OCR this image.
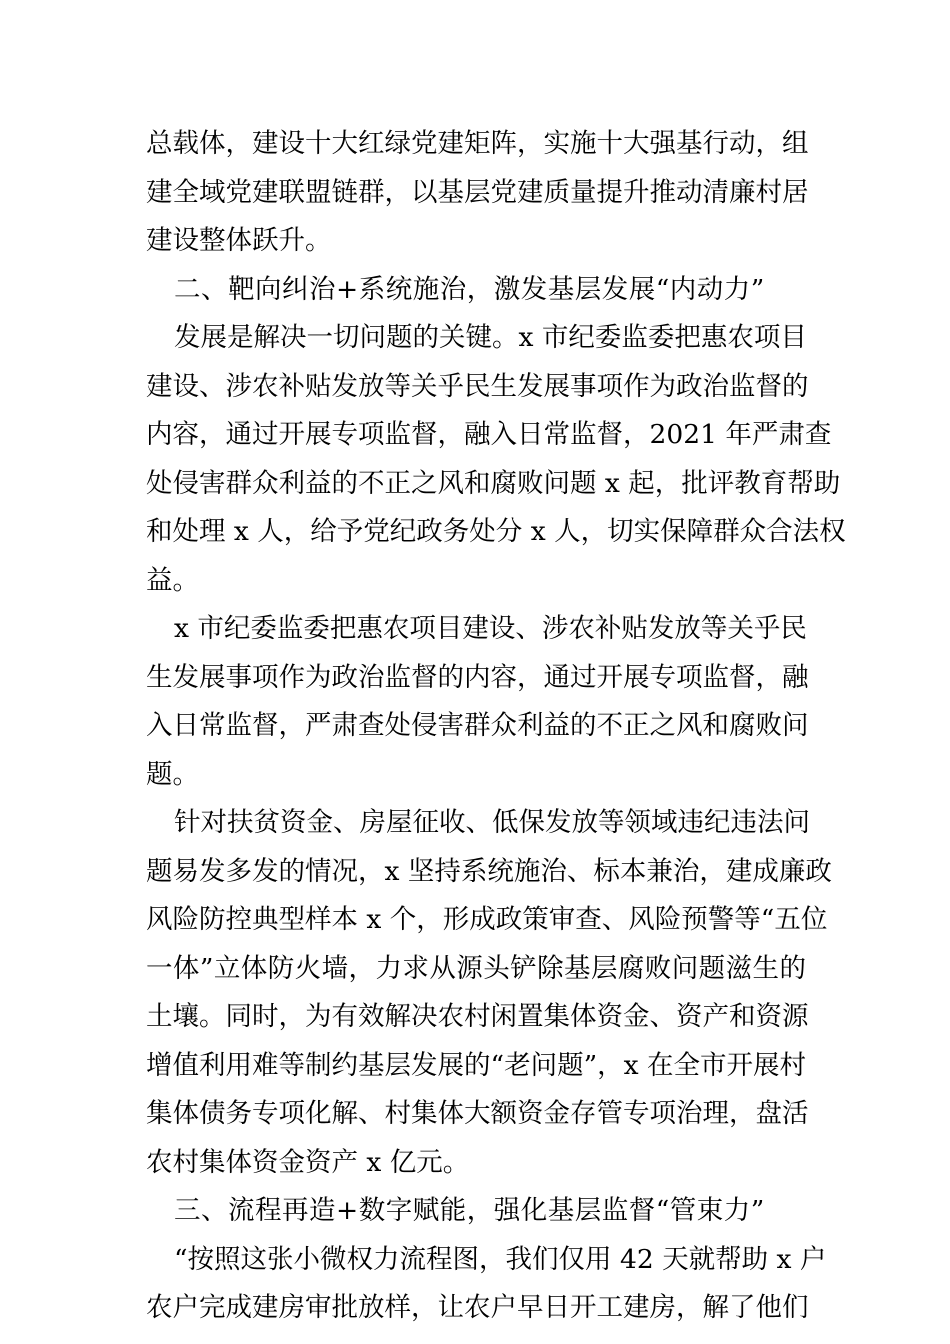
总载体，建设十大红绿党建矩阵，实施十大强基行动，组
建全域党建联盟链群，以基层党建质量提升推动清廉村居
建设整体跃升。
二、靶向纠治+系统施治，激发基层发展“内动力”
发展是解决一切问题的关键。x 市纪委监委把惠农项目
建设、涉农补贴发放等关乎民生发展事项作为政治监督的
内容，通过开展专项监督，融入日常监督，2021 年严肃查
处侵害群众利益的不正之风和腐败问题 x 起，批评教育帮助
和处理 x 人，给予党纪政务处分 x 人，切实保障群众合法权
益。
x 市纪委监委把惠农项目建设、涉农补贴发放等关乎民
生发展事项作为政治监督的内容，通过开展专项监督，融
入日常监督，严肃查处侵害群众利益的不正之风和腐败问
题。
针对扶贫资金、房屋征收、低保发放等领域违纪违法问
题易发多发的情况，x 坚持系统施治、标本兼治，建成廉政
风险防控典型样本 x 个，形成政策审查、风险预警等“五位
一体”立体防火墙，力求从源头铲除基层腐败问题滋生的
土壤。同时，为有效解决农村闲置集体资金、资产和资源
增值利用难等制约基层发展的“老问题”，x 在全市开展村
集体债务专项化解、村集体大额资金存管专项治理，盘活
农村集体资金资产 x 亿元。
三、流程再造+数字赋能，强化基层监督“管束力”
“按照这张小微权力流程图，我们仅用 42 天就帮助 x 户
农户完成建房审批放样，让农户早日开工建房，解了他们
